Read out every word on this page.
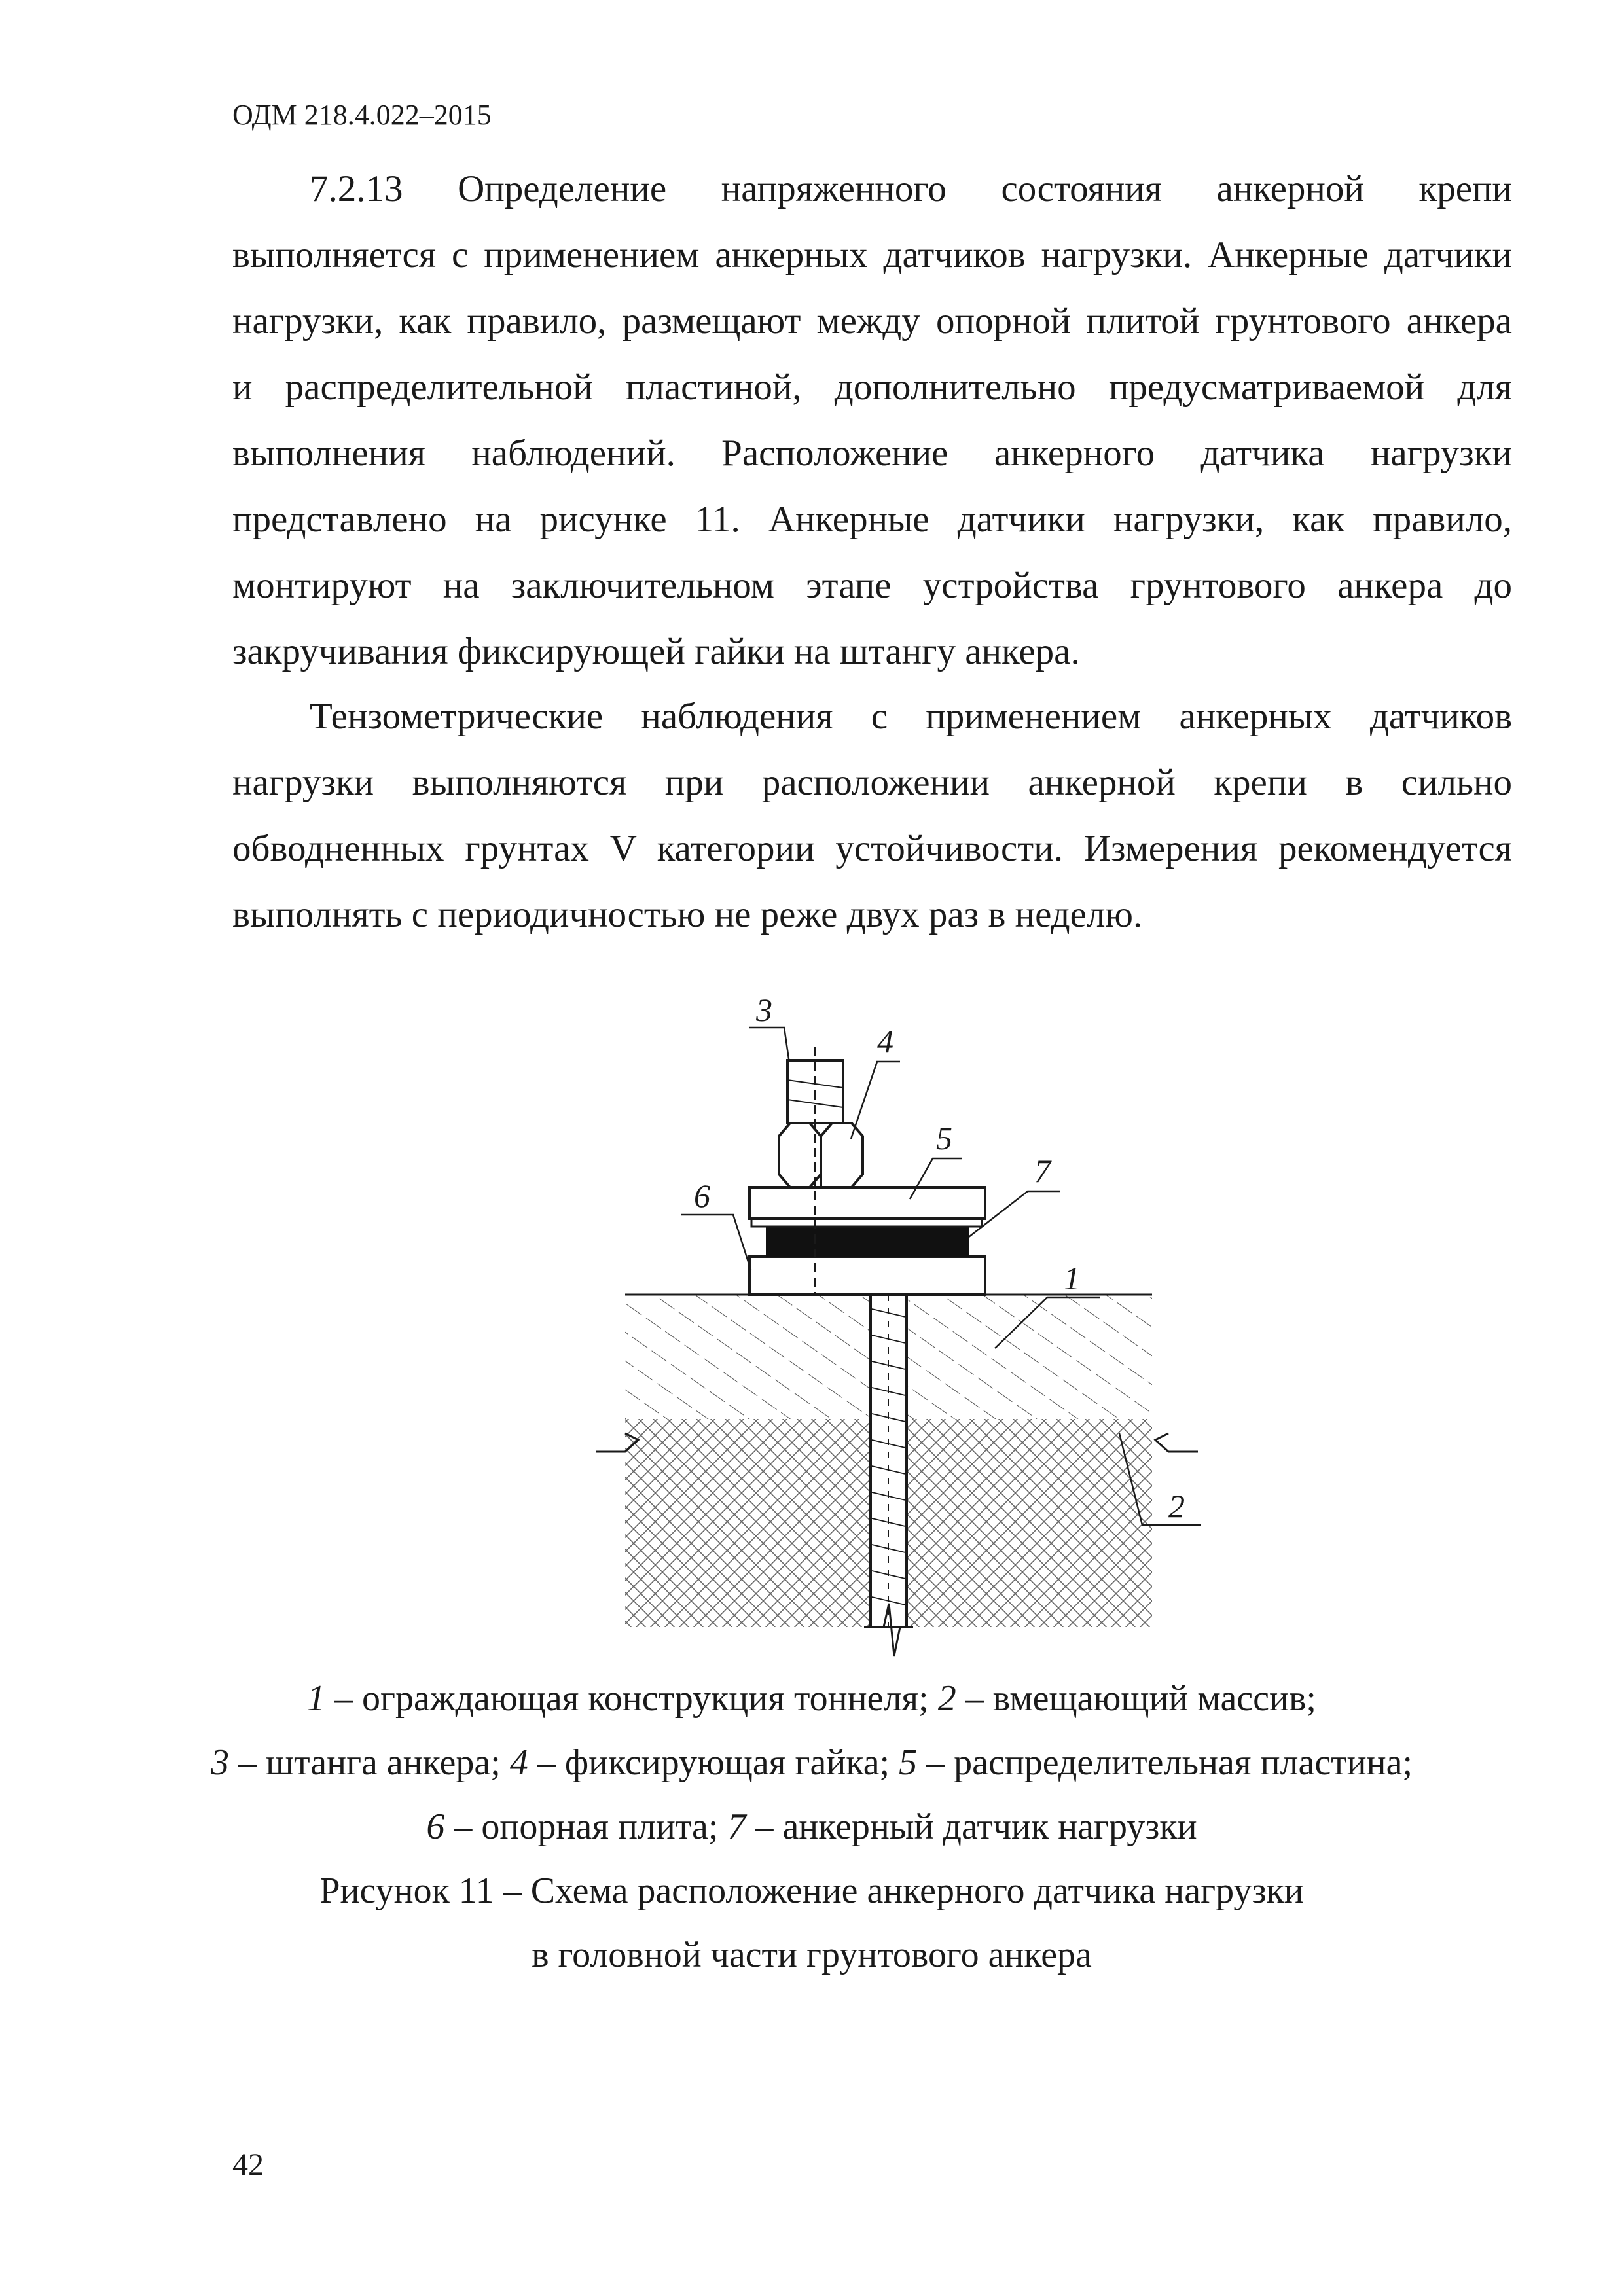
ОДМ 218.4.022–2015
7.2.13 Определение напряженного состояния анкерной крепи
выполняется с применением анкерных датчиков нагрузки. Анкерные датчики
нагрузки, как правило, размещают между опорной плитой грунтового анкера
и распределительной пластиной, дополнительно предусматриваемой для
выполнения наблюдений. Расположение анкерного датчика нагрузки
представлено на рисунке 11. Анкерные датчики нагрузки, как правило,
монтируют на заключительном этапе устройства грунтового анкера до
закручивания фиксирующей гайки на штангу анкера.
Тензометрические наблюдения с применением анкерных датчиков
нагрузки выполняются при расположении анкерной крепи в сильно
обводненных грунтах V категории устойчивости. Измерения рекомендуется
выполнять с периодичностью не реже двух раз в неделю.
3
4
5
6
7
1
2
1 – ограждающая конструкция тоннеля; 2 – вмещающий массив;
3 – штанга анкера; 4 – фиксирующая гайка; 5 – распределительная пластина;
6 – опорная плита; 7 – анкерный датчик нагрузки
Рисунок 11 – Схема расположение анкерного датчика нагрузки
в головной части грунтового анкера
42
